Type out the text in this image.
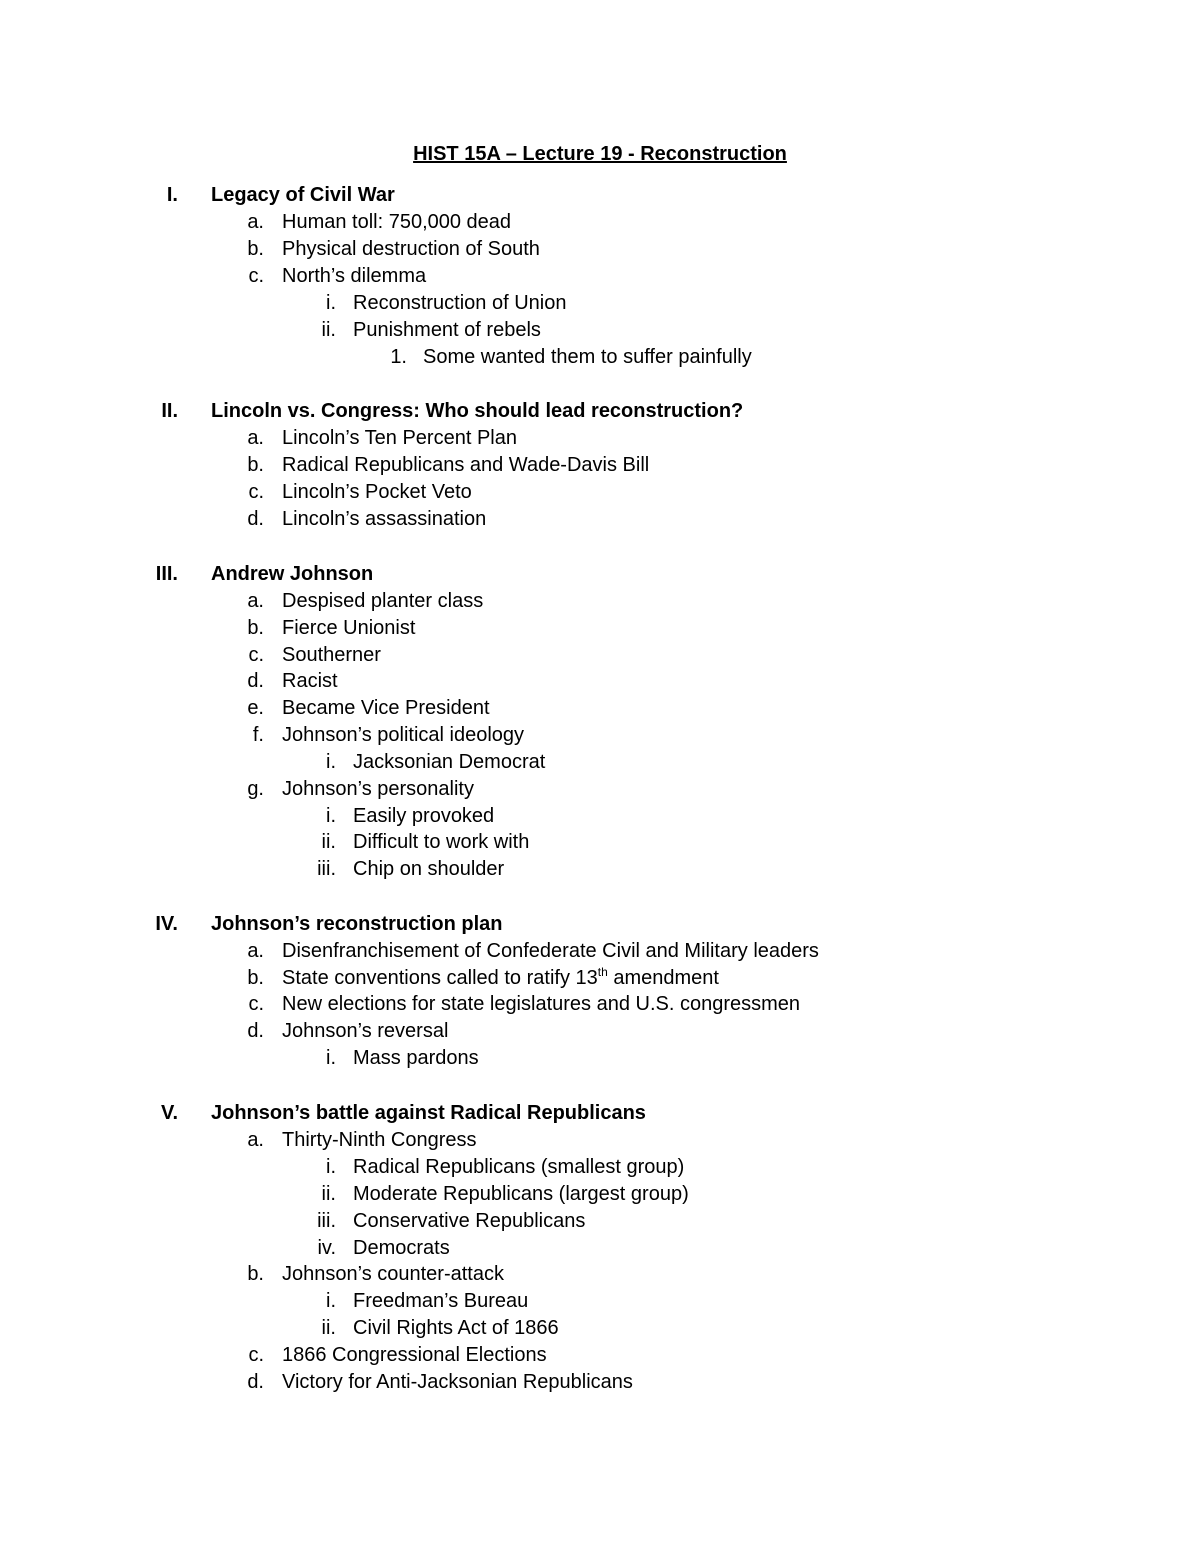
HIST 15A – Lecture 19 - Reconstruction
I. Legacy of Civil War
a. Human toll: 750,000 dead
b. Physical destruction of South
c. North’s dilemma
i. Reconstruction of Union
ii. Punishment of rebels
1. Some wanted them to suffer painfully
II. Lincoln vs. Congress: Who should lead reconstruction?
a. Lincoln’s Ten Percent Plan
b. Radical Republicans and Wade-Davis Bill
c. Lincoln’s Pocket Veto
d. Lincoln’s assassination
III. Andrew Johnson
a. Despised planter class
b. Fierce Unionist
c. Southerner
d. Racist
e. Became Vice President
f. Johnson’s political ideology
i. Jacksonian Democrat
g. Johnson’s personality
i. Easily provoked
ii. Difficult to work with
iii. Chip on shoulder
IV. Johnson’s reconstruction plan
a. Disenfranchisement of Confederate Civil and Military leaders
b. State conventions called to ratify 13th amendment
c. New elections for state legislatures and U.S. congressmen
d. Johnson’s reversal
i. Mass pardons
V. Johnson’s battle against Radical Republicans
a. Thirty-Ninth Congress
i. Radical Republicans (smallest group)
ii. Moderate Republicans (largest group)
iii. Conservative Republicans
iv. Democrats
b. Johnson’s counter-attack
i. Freedman’s Bureau
ii. Civil Rights Act of 1866
c. 1866 Congressional Elections
d. Victory for Anti-Jacksonian Republicans
